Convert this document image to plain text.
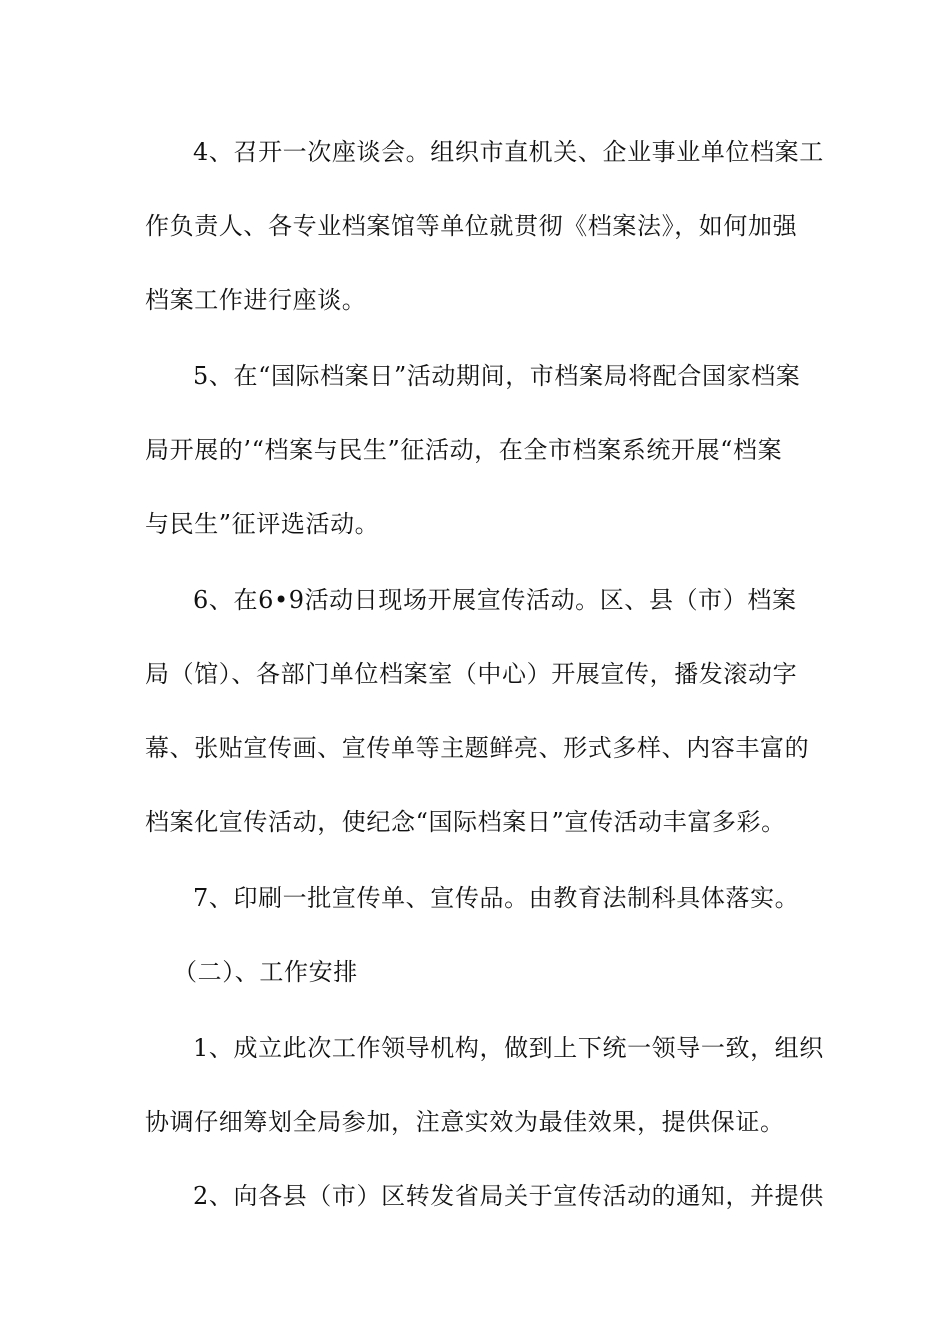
4、召开一次座谈会。组织市直机关、企业事业单位档案工
作负责人、各专业档案馆等单位就贯彻《档案法》，如何加强
档案工作进行座谈。
5、在“国际档案日”活动期间，市档案局将配合国家档案
局开展的’“档案与民生”征活动，在全市档案系统开展“档案
与民生”征评选活动。
6、在6•9活动日现场开展宣传活动。区、县（市）档案
局（馆）、各部门单位档案室（中心）开展宣传，播发滚动字
幕、张贴宣传画、宣传单等主题鲜亮、形式多样、内容丰富的
档案化宣传活动，使纪念“国际档案日”宣传活动丰富多彩。
7、印刷一批宣传单、宣传品。由教育法制科具体落实。
（二）、工作安排
1、成立此次工作领导机构，做到上下统一领导一致，组织
协调仔细筹划全局参加，注意实效为最佳效果，提供保证。
2、向各县（市）区转发省局关于宣传活动的通知，并提供
